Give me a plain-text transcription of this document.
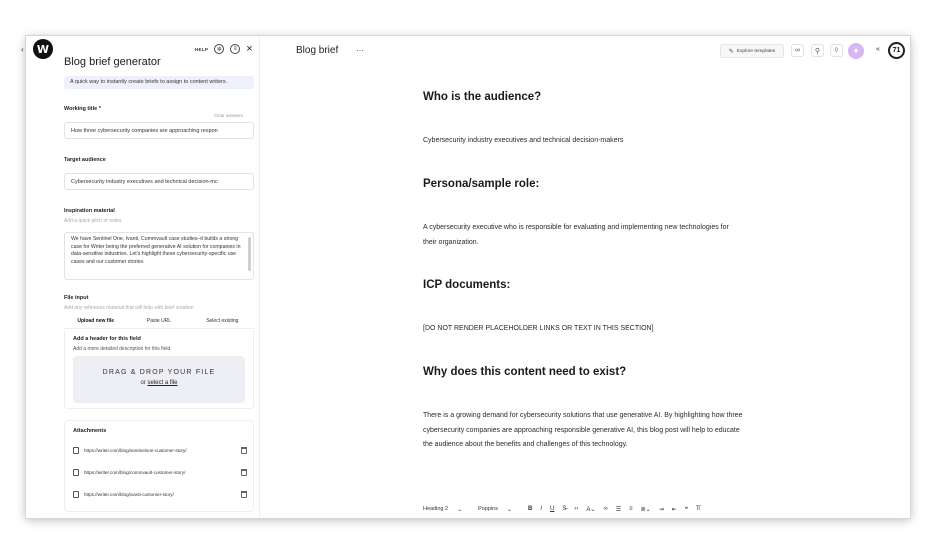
‹	W	HELP	✲	≡ ×
Blog brief generator
A quick way to instantly create briefs to assign to content writers.
Working title *
Clear answers
How three cybersecurity companies are approaching respon
Target audience
Cybersecurity industry executives and technical decision-mc
Inspiration material
Add a quick pitch or notes
We have Sentinel One, Ivanti, Commvault case studies–it builds a strong case for Writer being the preferred generative AI solution for companies in data-sensitive industries. Let's highlight these cybersecurity-specific use cases and our customer stories.
File input
Add any reference material that will help with brief creation
Upload new file	Paste URL	Select existing
Add a header for this field
Add a more detailed description for this field
DRAG & DROP YOUR FILE
or select a file
Attachments
https://writer.com/blog/sentinelone-customer-story/
https://writer.com/blog/commvault-customer-story/
https://writer.com/blog/ivanti-customer-story/
Blog brief ⋯	✎ Explore templates	∞	⚲	◊	✦	«	71
Who is the audience?
Cybersecurity industry executives and technical decision-makers
Persona/sample role:
A cybersecurity executive who is responsible for evaluating and implementing new technologies for their organization.
ICP documents:
[DO NOT RENDER PLACEHOLDER LINKS OR TEXT IN THIS SECTION]
Why does this content need to exist?
There is a growing demand for cybersecurity solutions that use generative AI. By highlighting how three cybersecurity companies are approaching responsible generative AI, this blog post will help to educate the audience about the benefits and challenges of this technology.
Heading 2 ⌄	Poppins ⌄	B I U S̶ ‹› A⌄ ∞ ☰ ≡ ≣⌄ ⇥ ⇤ ❝ T̸
